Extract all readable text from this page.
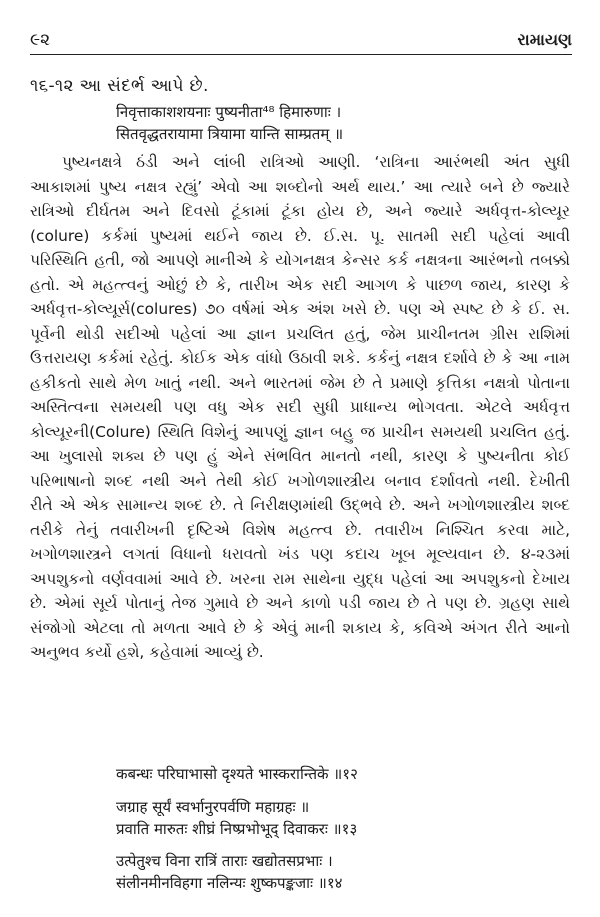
૯૨	રામાયણ
૧૬-૧૨ આ સંદર્ભ આપે છે.
निवृत्ताकाशशयनाः पुष्यनीता⁴⁸ हिमारुणाः ।
सितवृद्धतरायामा त्रियामा यान्ति साम्प्रतम् ॥
પુષ્યનક્ષત્રે ઠંડી અને લાંબી રાત્રિઓ આણી. ‘રાત્રિના આરંભથી અંત સુધી
આકાશમાં પુષ્ય નક્ષત્ર રહ્યું’ એવો આ શબ્દોનો અર્થ થાય.’ આ ત્યારે બને છે જ્યારે
રાત્રિઓ દીર્ઘતમ અને દિવસો ટૂંકામાં ટૂંકા હોય છે, અને જ્યારે અર્ધવૃત્ત-કોલ્યૂર
(colure) કર્કમાં પુષ્યમાં થઈને જાય છે. ઈ.સ. પૂ. સાતમી સદી પહેલાં આવી
પરિસ્થિતિ હતી, જો આપણે માનીએ કે યોગનક્ષત્ર કેન્સર કર્ક નક્ષત્રના આરંભનો તબક્કો
હતો. એ મહત્ત્વનું ઓછું છે કે, તારીખ એક સદી આગળ કે પાછળ જાય, કારણ કે
અર્ધવૃત્ત-કોલ્યૂર્સ(colures) ૭૦ વર્ષમાં એક અંશ ખસે છે. પણ એ સ્પષ્ટ છે કે ઈ. સ.
પૂર્વેની થોડી સદીઓ પહેલાં આ જ્ઞાન પ્રચલિત હતું, જેમ પ્રાચીનતમ ગ્રીસ રાશિમાં
ઉત્તરાયણ કર્કમાં રહેતું. કોઈક એક વાંધો ઉઠાવી શકે. કર્કનું નક્ષત્ર દર્શાવે છે કે આ નામ
હકીકતો સાથે મેળ ખાતું નથી. અને ભારતમાં જેમ છે તે પ્રમાણે કૃત્તિકા નક્ષત્રો પોતાના
અસ્તિત્વના સમયથી પણ વધુ એક સદી સુધી પ્રાધાન્ય ભોગવતા. એટલે અર્ધવૃત્ત
કોલ્યૂરની(Colure) સ્થિતિ વિશેનું આપણું જ્ઞાન બહુ જ પ્રાચીન સમયથી પ્રચલિત હતું.
આ ખુલાસો શક્ય છે પણ હું એને સંભવિત માનતો નથી, કારણ કે પુષ્યનીતા કોઈ
પરિભાષાનો શબ્દ નથી અને તેથી કોઈ ખગોળશાસ્ત્રીય બનાવ દર્શાવતો નથી. દેખીતી
રીતે એ એક સામાન્ય શબ્દ છે. તે નિરીક્ષણમાંથી ઉદ્ભવે છે. અને ખગોળશાસ્ત્રીય શબ્દ
તરીકે તેનું તવારીખની દૃષ્ટિએ વિશેષ મહત્ત્વ છે. તવારીખ નિશ્ચિત કરવા માટે,
ખગોળશાસ્ત્રને લગતાં વિધાનો ધરાવતો ખંડ પણ કદાચ ખૂબ મૂલ્યવાન છે. ૪-૨૩માં
અપશુકનો વર્ણવવામાં આવે છે. ખરના રામ સાથેના યુદ્ધ પહેલાં આ અપશુકનો દેખાય
છે. એમાં સૂર્ય પોતાનું તેજ ગુમાવે છે અને કાળો પડી જાય છે તે પણ છે. ગ્રહણ સાથે
સંજોગો એટલા તો મળતા આવે છે કે એવું માની શકાય કે, કવિએ અંગત રીતે આનો
અનુભવ કર્યો હશે, કહેવામાં આવ્યું છે.
कबन्धः परिघाभासो दृश्यते भास्करान्तिके ॥१२
जग्राह सूर्यं स्वर्भानुरपर्वणि महाग्रहः ॥
प्रवाति मारुतः शीघ्रं निष्प्रभोभूद् दिवाकरः ॥१३
उत्पेतुश्च विना रात्रिं ताराः खद्योतसप्रभाः ।
संलीनमीनविहगा नलिन्यः शुष्कपङ्कजाः ॥१४
